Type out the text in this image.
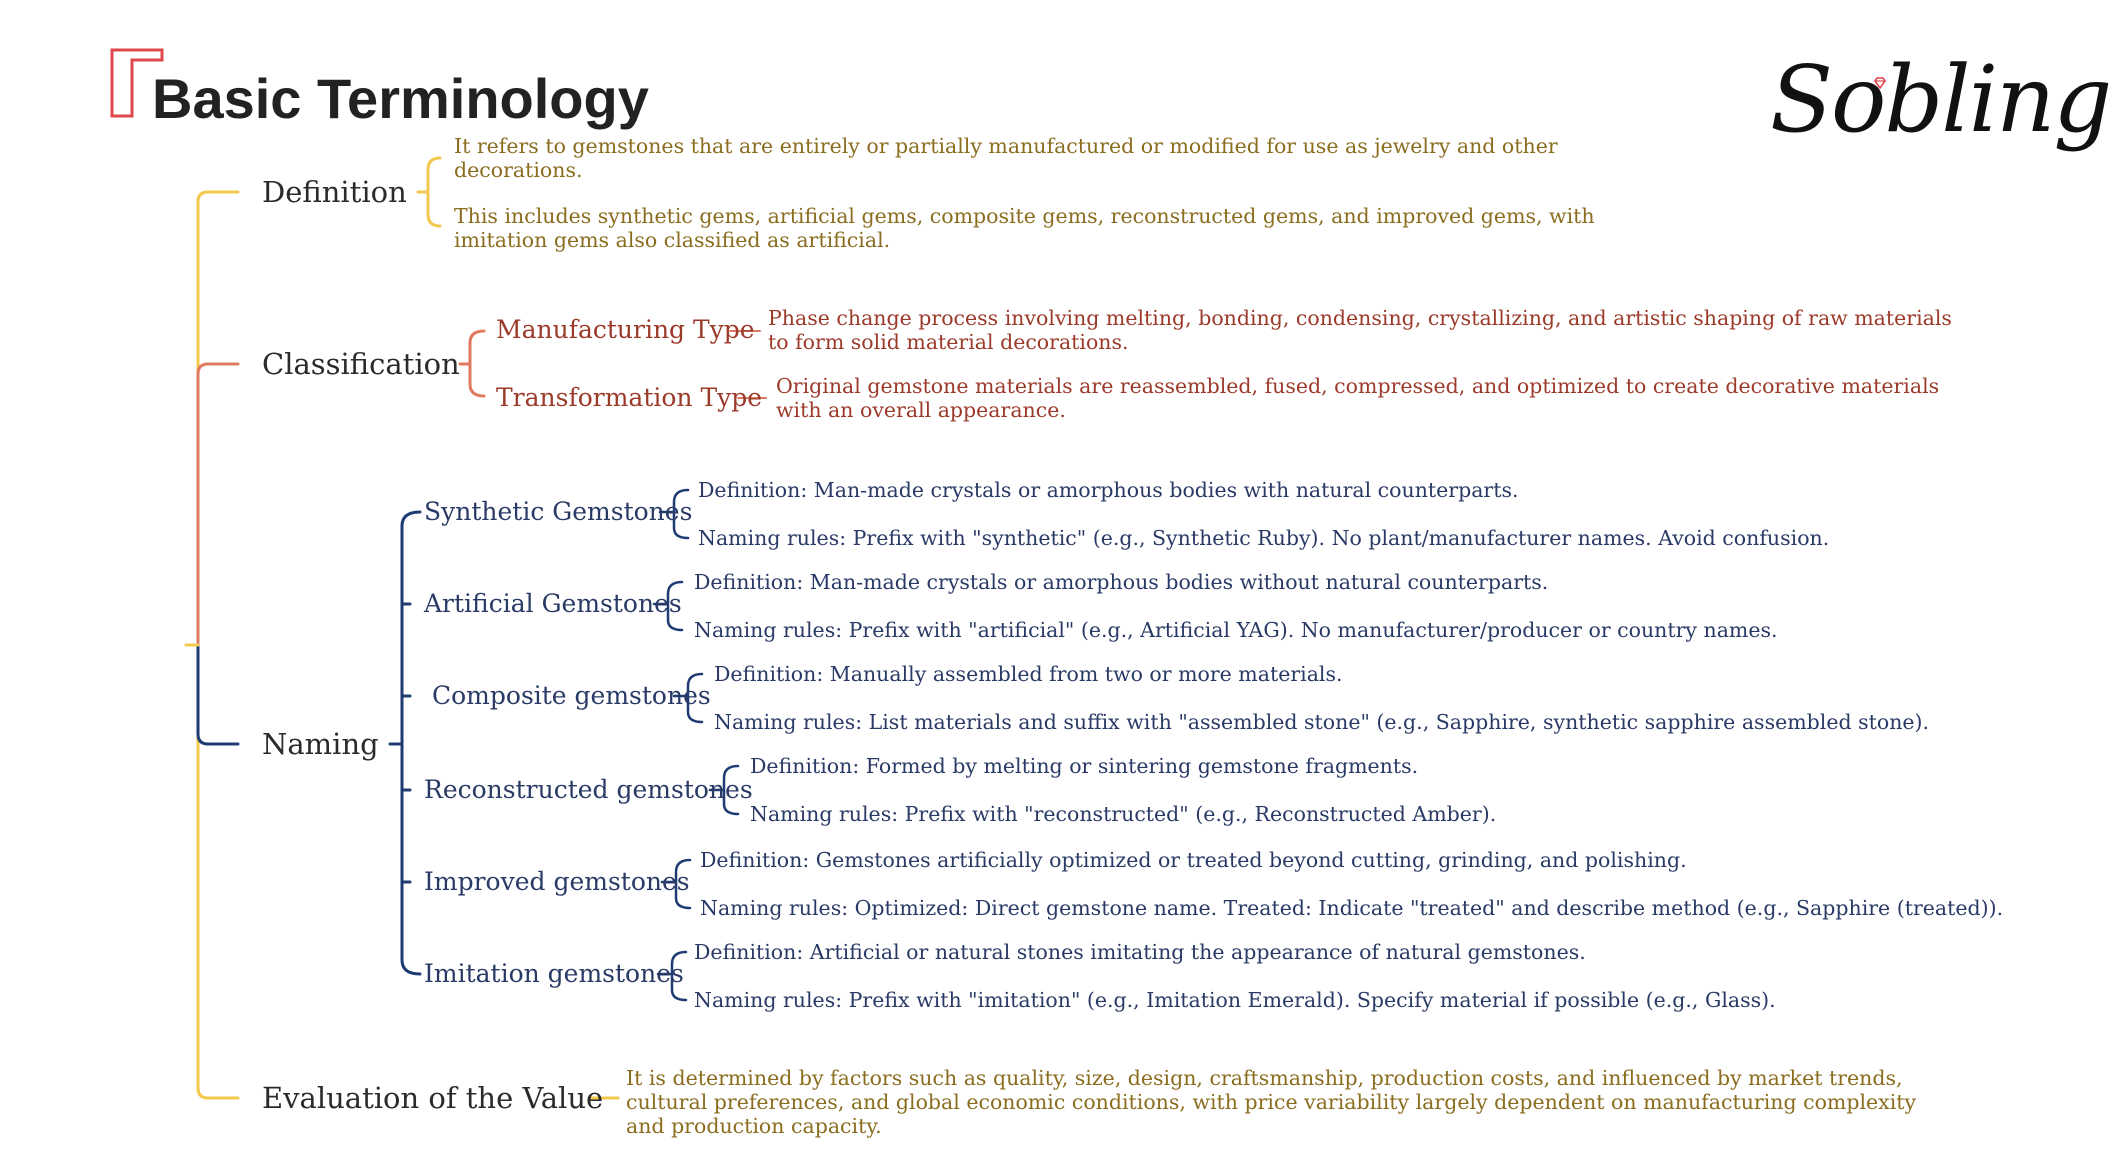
Basic Terminology	Sobling
Definition
Classification
Naming
Evaluation of the Value
It refers to gemstones that are entirely or partially manufactured or modified for use as jewelry and other
decorations.
This includes synthetic gems, artificial gems, composite gems, reconstructed gems, and improved gems, with
imitation gems also classified as artificial.
Manufacturing Type Phase change process involving melting, bonding, condensing, crystallizing, and artistic shaping of raw materials
to form solid material decorations.
Transformation Type Original gemstone materials are reassembled, fused, compressed, and optimized to create decorative materials
with an overall appearance.
Synthetic Gemstones
Definition: Man-made crystals or amorphous bodies with natural counterparts.
Naming rules: Prefix with "synthetic" (e.g., Synthetic Ruby). No plant/manufacturer names. Avoid confusion.
Artificial Gemstones
Definition: Man-made crystals or amorphous bodies without natural counterparts.
Naming rules: Prefix with "artificial" (e.g., Artificial YAG). No manufacturer/producer or country names.
Composite gemstones
Definition: Manually assembled from two or more materials.
Naming rules: List materials and suffix with "assembled stone" (e.g., Sapphire, synthetic sapphire assembled stone).
Reconstructed gemstones
Definition: Formed by melting or sintering gemstone fragments.
Naming rules: Prefix with "reconstructed" (e.g., Reconstructed Amber).
Improved gemstones
Definition: Gemstones artificially optimized or treated beyond cutting, grinding, and polishing.
Naming rules: Optimized: Direct gemstone name. Treated: Indicate "treated" and describe method (e.g., Sapphire (treated)).
Imitation gemstones
Definition: Artificial or natural stones imitating the appearance of natural gemstones.
Naming rules: Prefix with "imitation" (e.g., Imitation Emerald). Specify material if possible (e.g., Glass).
It is determined by factors such as quality, size, design, craftsmanship, production costs, and influenced by market trends,
cultural preferences, and global economic conditions, with price variability largely dependent on manufacturing complexity
and production capacity.
